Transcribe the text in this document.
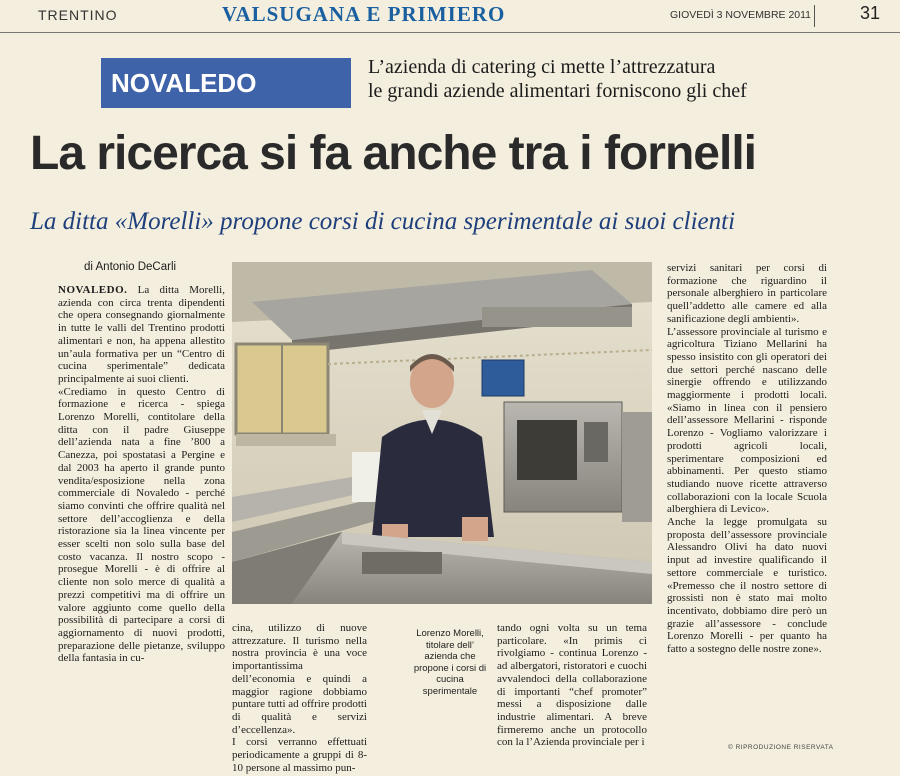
TRENTINO	VALSUGANA E PRIMIERO	GIOVEDÌ 3 NOVEMBRE 2011	31
NOVALEDO
L’azienda di catering ci mette l’attrezzatura
le grandi aziende alimentari forniscono gli chef
La ricerca si fa anche tra i fornelli
La ditta «Morelli» propone corsi di cucina sperimentale ai suoi clienti
di Antonio DeCarli

NOVALEDO. La ditta Morelli, azienda con circa trenta dipendenti che opera consegnando giornalmente in tutte le valli del Trentino prodotti alimentari e non, ha appena allestito un’aula formativa per un “Centro di cucina sperimentale” dedicata principalmente ai suoi clienti.

«Crediamo in questo Centro di formazione e ricerca - spiega Lorenzo Morelli, contitolare della ditta con il padre Giuseppe dell’azienda nata a fine ’800 a Canezza, poi spostatasi a Pergine e dal 2003 ha aperto il grande punto vendita/esposizione nella zona commerciale di Novaledo - perché siamo convinti che offrire qualità nel settore dell’accoglienza e della ristorazione sia la linea vincente per esser scelti non solo sulla base del costo vacanza. Il nostro scopo - prosegue Morelli - è di offrire al cliente non solo merce di qualità a prezzi competitivi ma di offrire un valore aggiunto come quello della possibilità di partecipare a corsi di aggiornamento di nuovi prodotti, preparazione delle pietanze, sviluppo della fantasia in cu-

cina, utilizzo di nuove attrezzature. Il turismo nella nostra provincia è una voce importantissima dell’economia e quindi a maggior ragione dobbiamo puntare tutti ad offrire prodotti di qualità e servizi d’eccellenza».

I corsi verranno effettuati periodicamente a gruppi di 8-10 persone al massimo pun-

Lorenzo Morelli, titolare dell’ azienda che propone i corsi di cucina sperimentale

tando ogni volta su un tema particolare. «In primis ci rivolgiamo - continua Lorenzo - ad albergatori, ristoratori e cuochi avvalendoci della collaborazione di importanti “chef promoter” messi a disposizione dalle industrie alimentari. A breve firmeremo anche un protocollo con la l’Azienda provinciale per i

servizi sanitari per corsi di formazione che riguardino il personale alberghiero in particolare quell’addetto alle camere ed alla sanificazione degli ambienti».

L’assessore provinciale al turismo e agricoltura Tiziano Mellarini ha spesso insistito con gli operatori dei due settori perché nascano delle sinergie offrendo e utilizzando maggiormente i prodotti locali. «Siamo in linea con il pensiero dell’assessore Mellarini - risponde Lorenzo - Vogliamo valorizzare i prodotti agricoli locali, sperimentare composizioni ed abbinamenti. Per questo stiamo studiando nuove ricette attraverso collaborazioni con la locale Scuola alberghiera di Levico».

Anche la legge promulgata su proposta dell’assessore provinciale Alessandro Olivi ha dato nuovi input ad investire qualificando il settore commerciale e turistico. «Premesso che il nostro settore di grossisti non è stato mai molto incentivato, dobbiamo dire però un grazie all’assessore - conclude Lorenzo Morelli - per quanto ha fatto a sostegno delle nostre zone».

© RIPRODUZIONE RISERVATA
